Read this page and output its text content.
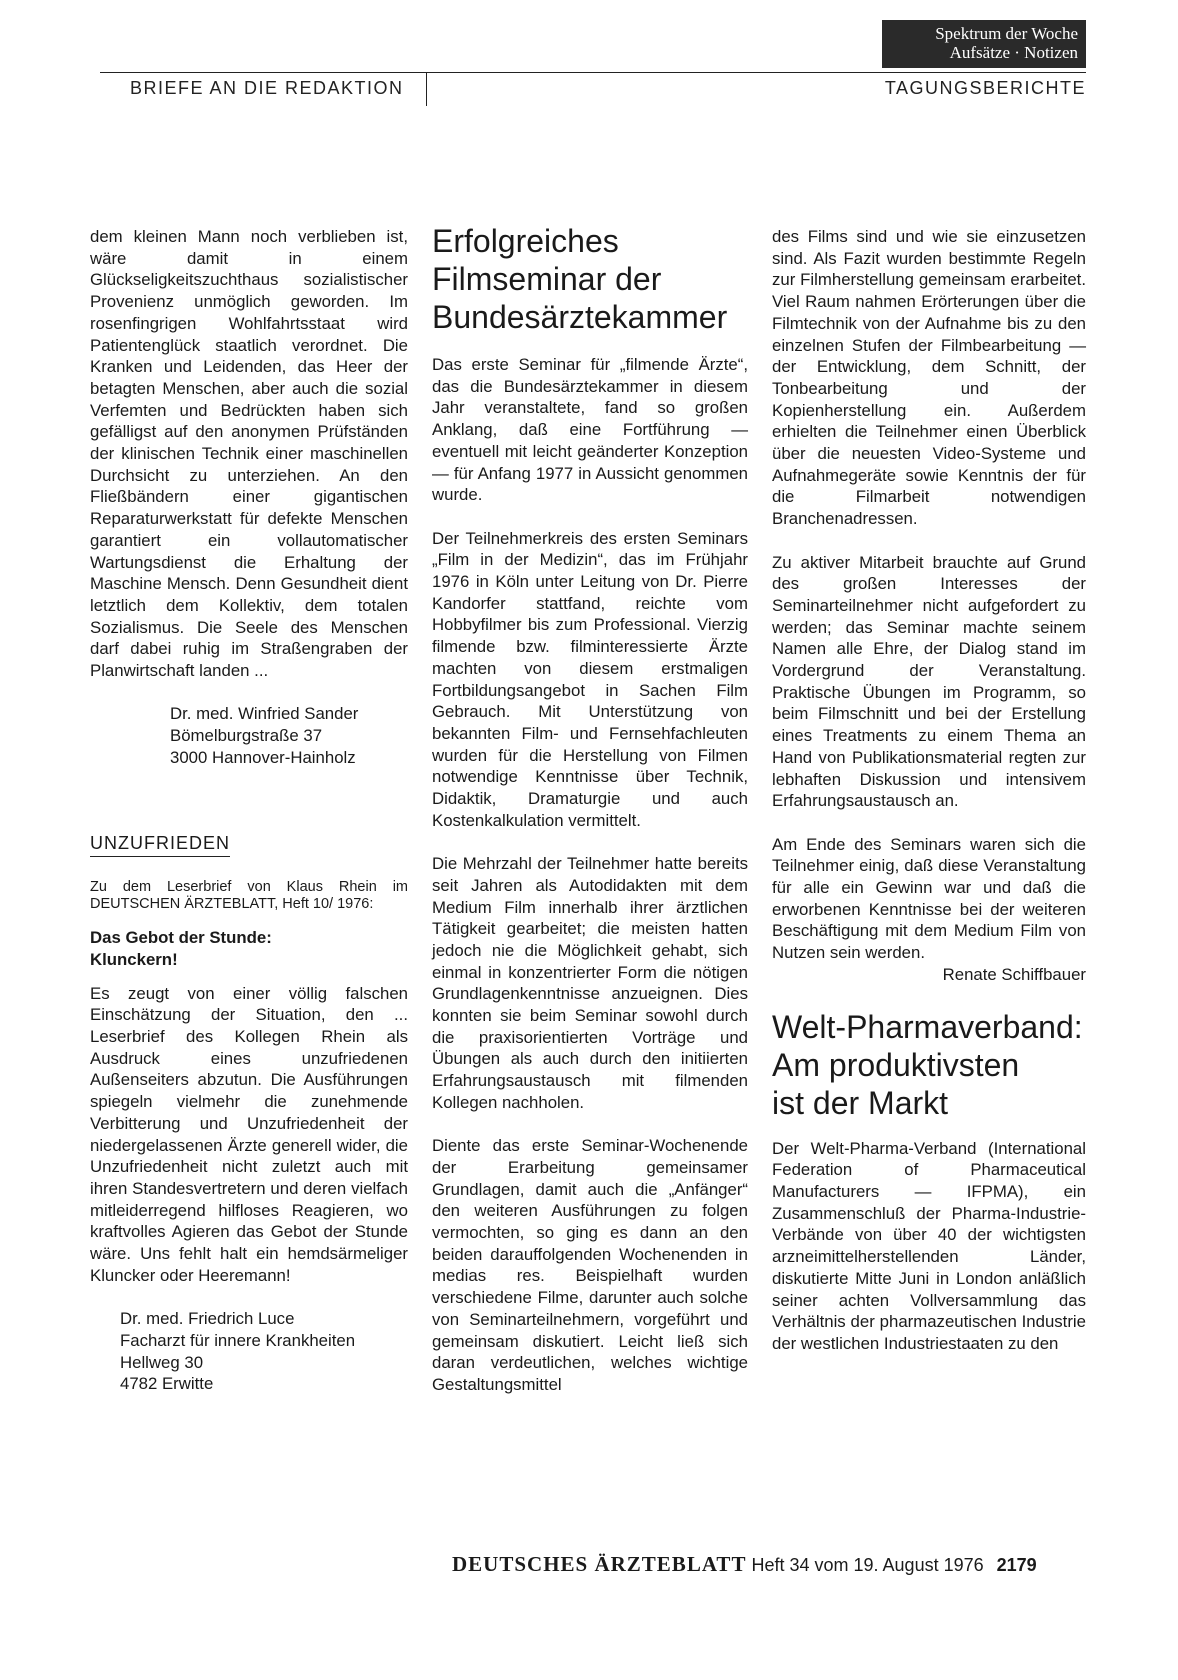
Spektrum der Woche
Aufsätze · Notizen
BRIEFE AN DIE REDAKTION	TAGUNGSBERICHTE

dem kleinen Mann noch verblieben ist, wäre damit in einem Glückseligkeitszuchthaus sozialistischer Provenienz unmöglich geworden. Im rosenfingrigen Wohlfahrtsstaat wird Patientenglück staatlich verordnet. Die Kranken und Leidenden, das Heer der betagten Menschen, aber auch die sozial Verfemten und Bedrückten haben sich gefälligst auf den anonymen Prüfständen der klinischen Technik einer maschinellen Durchsicht zu unterziehen. An den Fließbändern einer gigantischen Reparaturwerkstatt für defekte Menschen garantiert ein vollautomatischer Wartungsdienst die Erhaltung der Maschine Mensch. Denn Gesundheit dient letztlich dem Kollektiv, dem totalen Sozialismus. Die Seele des Menschen darf dabei ruhig im Straßengraben der Planwirtschaft landen ...

Dr. med. Winfried Sander
Bömelburgstraße 37
3000 Hannover-Hainholz
UNZUFRIEDEN

Zu dem Leserbrief von Klaus Rhein im DEUTSCHEN ÄRZTEBLATT, Heft 10/ 1976:

Das Gebot der Stunde:
Klunckern!

Es zeugt von einer völlig falschen Einschätzung der Situation, den ... Leserbrief des Kollegen Rhein als Ausdruck eines unzufriedenen Außenseiters abzutun. Die Ausführungen spiegeln vielmehr die zunehmende Verbitterung und Unzufriedenheit der niedergelassenen Ärzte generell wider, die Unzufriedenheit nicht zuletzt auch mit ihren Standesvertretern und deren vielfach mitleiderregend hilfloses Reagieren, wo kraftvolles Agieren das Gebot der Stunde wäre. Uns fehlt halt ein hemdsärmeliger Kluncker oder Heeremann!

Dr. med. Friedrich Luce
Facharzt für innere Krankheiten
Hellweg 30
4782 Erwitte
Erfolgreiches
Filmseminar der
Bundesärztekammer

Das erste Seminar für „filmende Ärzte“, das die Bundesärztekammer in diesem Jahr veranstaltete, fand so großen Anklang, daß eine Fortführung — eventuell mit leicht geänderter Konzeption — für Anfang 1977 in Aussicht genommen wurde.

Der Teilnehmerkreis des ersten Seminars „Film in der Medizin“, das im Frühjahr 1976 in Köln unter Leitung von Dr. Pierre Kandorfer stattfand, reichte vom Hobbyfilmer bis zum Professional. Vierzig filmende bzw. filminteressierte Ärzte machten von diesem erstmaligen Fortbildungsangebot in Sachen Film Gebrauch. Mit Unterstützung von bekannten Film- und Fernsehfachleuten wurden für die Herstellung von Filmen notwendige Kenntnisse über Technik, Didaktik, Dramaturgie und auch Kostenkalkulation vermittelt.

Die Mehrzahl der Teilnehmer hatte bereits seit Jahren als Autodidakten mit dem Medium Film innerhalb ihrer ärztlichen Tätigkeit gearbeitet; die meisten hatten jedoch nie die Möglichkeit gehabt, sich einmal in konzentrierter Form die nötigen Grundlagenkenntnisse anzueignen. Dies konnten sie beim Seminar sowohl durch die praxisorientierten Vorträge und Übungen als auch durch den initiierten Erfahrungsaustausch mit filmenden Kollegen nachholen.

Diente das erste Seminar-Wochenende der Erarbeitung gemeinsamer Grundlagen, damit auch die „Anfänger“ den weiteren Ausführungen zu folgen vermochten, so ging es dann an den beiden darauffolgenden Wochenenden in medias res. Beispielhaft wurden verschiedene Filme, darunter auch solche von Seminarteilnehmern, vorgeführt und gemeinsam diskutiert. Leicht ließ sich daran verdeutlichen, welches wichtige Gestaltungsmittel

des Films sind und wie sie einzusetzen sind. Als Fazit wurden bestimmte Regeln zur Filmherstellung gemeinsam erarbeitet. Viel Raum nahmen Erörterungen über die Filmtechnik von der Aufnahme bis zu den einzelnen Stufen der Filmbearbeitung — der Entwicklung, dem Schnitt, der Tonbearbeitung und der Kopienherstellung ein. Außerdem erhielten die Teilnehmer einen Überblick über die neuesten Video-Systeme und Aufnahmegeräte sowie Kenntnis der für die Filmarbeit notwendigen Branchenadressen.

Zu aktiver Mitarbeit brauchte auf Grund des großen Interesses der Seminarteilnehmer nicht aufgefordert zu werden; das Seminar machte seinem Namen alle Ehre, der Dialog stand im Vordergrund der Veranstaltung. Praktische Übungen im Programm, so beim Filmschnitt und bei der Erstellung eines Treatments zu einem Thema an Hand von Publikationsmaterial regten zur lebhaften Diskussion und intensivem Erfahrungsaustausch an.

Am Ende des Seminars waren sich die Teilnehmer einig, daß diese Veranstaltung für alle ein Gewinn war und daß die erworbenen Kenntnisse bei der weiteren Beschäftigung mit dem Medium Film von Nutzen sein werden.

Renate Schiffbauer
Welt-Pharmaverband:
Am produktivsten
ist der Markt

Der Welt-Pharma-Verband (International Federation of Pharmaceutical Manufacturers — IFPMA), ein Zusammenschluß der Pharma-Industrie-Verbände von über 40 der wichtigsten arzneimittelherstellenden Länder, diskutierte Mitte Juni in London anläßlich seiner achten Vollversammlung das Verhältnis der pharmazeutischen Industrie der westlichen Industriestaaten zu den

DEUTSCHES ÄRZTEBLATT Heft 34 vom 19. August 1976 2179
